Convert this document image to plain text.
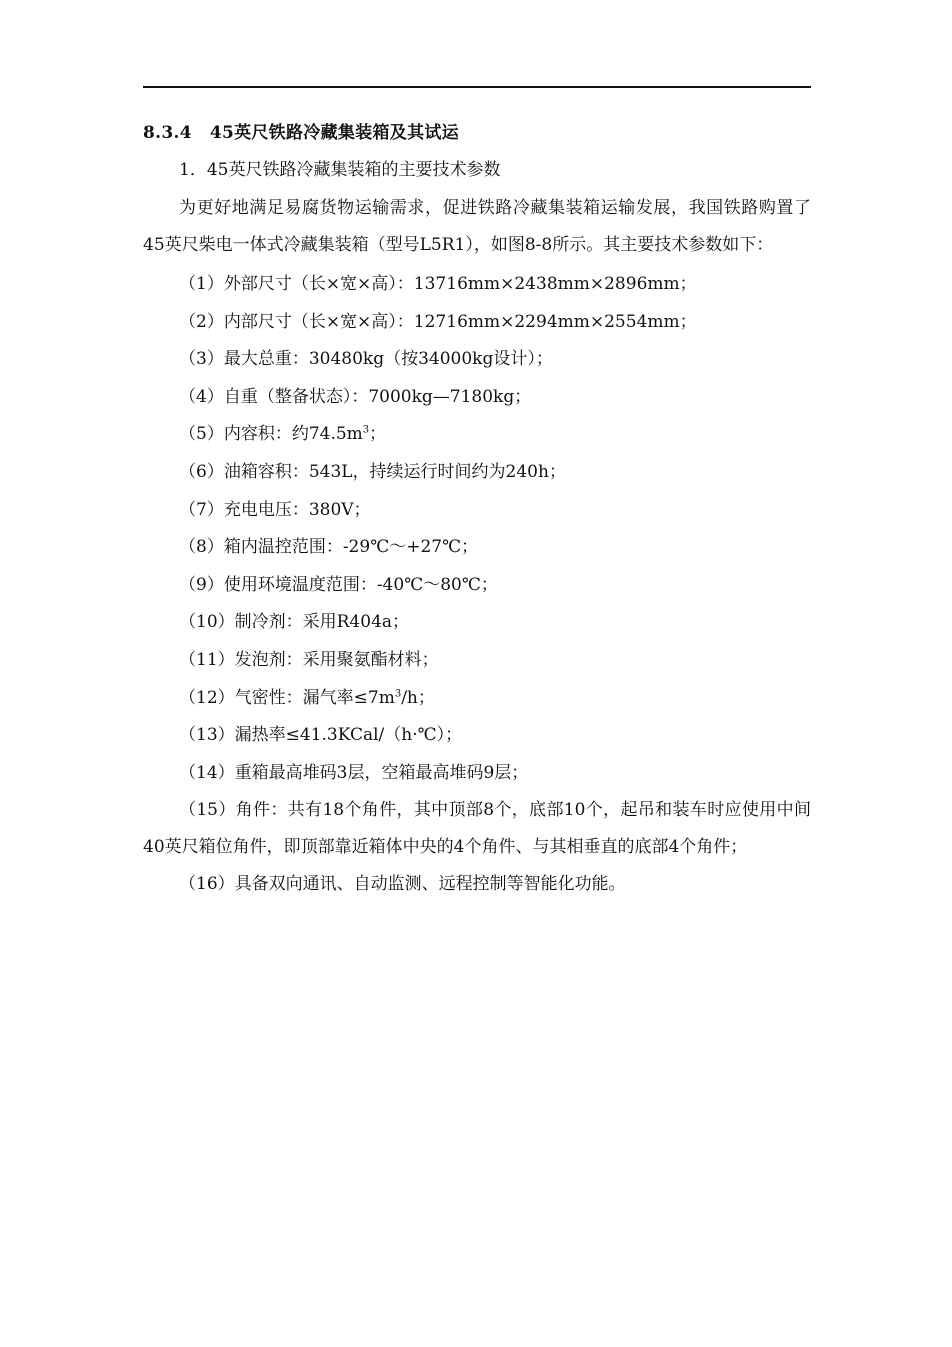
8.3.4 45英尺铁路冷藏集装箱及其试运

1．45英尺铁路冷藏集装箱的主要技术参数

为更好地满足易腐货物运输需求，促进铁路冷藏集装箱运输发展，我国铁路购置了45英尺柴电一体式冷藏集装箱（型号L5R1），如图8-8所示。其主要技术参数如下：

（1）外部尺寸（长×宽×高）：13716mm×2438mm×2896mm；
（2）内部尺寸（长×宽×高）：12716mm×2294mm×2554mm；
（3）最大总重：30480kg（按34000kg设计）；
（4）自重（整备状态）：7000kg—7180kg；
（5）内容积：约$74.5m^3$；
（6）油箱容积：543L，持续运行时间约为240h；
（7）充电电压：380V；
（8）箱内温控范围：-29℃～+27℃；
（9）使用环境温度范围：-40℃～80℃；
（10）制冷剂：采用R404a；
（11）发泡剂：采用聚氨酯材料；
（12）气密性：漏气率$\le 7m^3/h$；
（13）漏热率≤41.3KCal/（h·℃）；
（14）重箱最高堆码3层，空箱最高堆码9层；
（15）角件：共有18个角件，其中顶部8个，底部10个，起吊和装车时应使用中间40英尺箱位角件，即顶部靠近箱体中央的4个角件、与其相垂直的底部4个角件；
（16）具备双向通讯、自动监测、远程控制等智能化功能。
